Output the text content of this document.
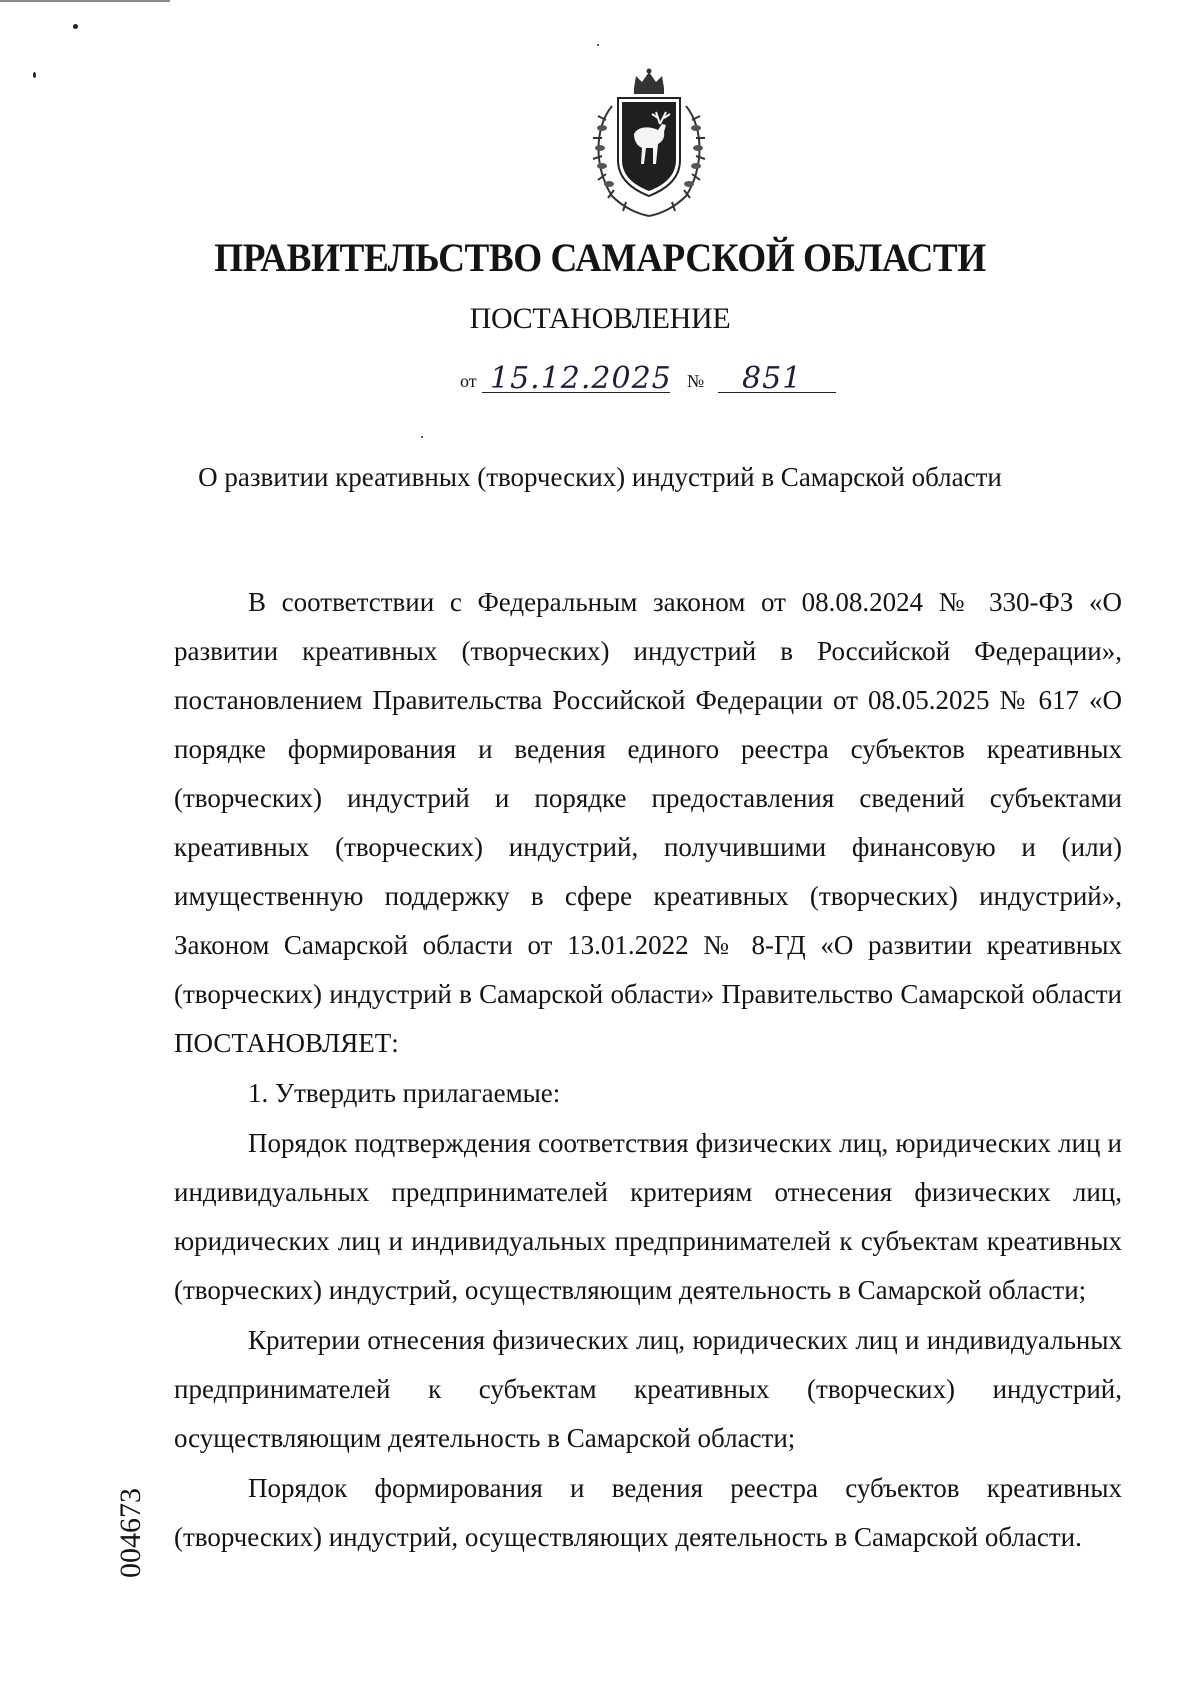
ПРАВИТЕЛЬСТВО САМАРСКОЙ ОБЛАСТИ
ПОСТАНОВЛЕНИЕ
от 15.12.2025 № 851
О развитии креативных (творческих) индустрий в Самарской области

В соответствии с Федеральным законом от 08.08.2024 № 330-ФЗ «О развитии креативных (творческих) индустрий в Российской Федерации», постановлением Правительства Российской Федерации от 08.05.2025 № 617 «О порядке формирования и ведения единого реестра субъектов креативных (творческих) индустрий и порядке предоставления сведений субъектами креативных (творческих) индустрий, получившими финансовую и (или) имущественную поддержку в сфере креативных (творческих) индустрий», Законом Самарской области от 13.01.2022 № 8-ГД «О развитии креативных (творческих) индустрий в Самарской области» Правительство Самарской области ПОСТАНОВЛЯЕТ:

1. Утвердить прилагаемые:

Порядок подтверждения соответствия физических лиц, юридических лиц и индивидуальных предпринимателей критериям отнесения физических лиц, юридических лиц и индивидуальных предпринимателей к субъектам креативных (творческих) индустрий, осуществляющим деятельность в Самарской области;

Критерии отнесения физических лиц, юридических лиц и индивидуальных предпринимателей к субъектам креативных (творческих) индустрий, осуществляющим деятельность в Самарской области;

Порядок формирования и ведения реестра субъектов креативных (творческих) индустрий, осуществляющих деятельность в Самарской области.

004673
